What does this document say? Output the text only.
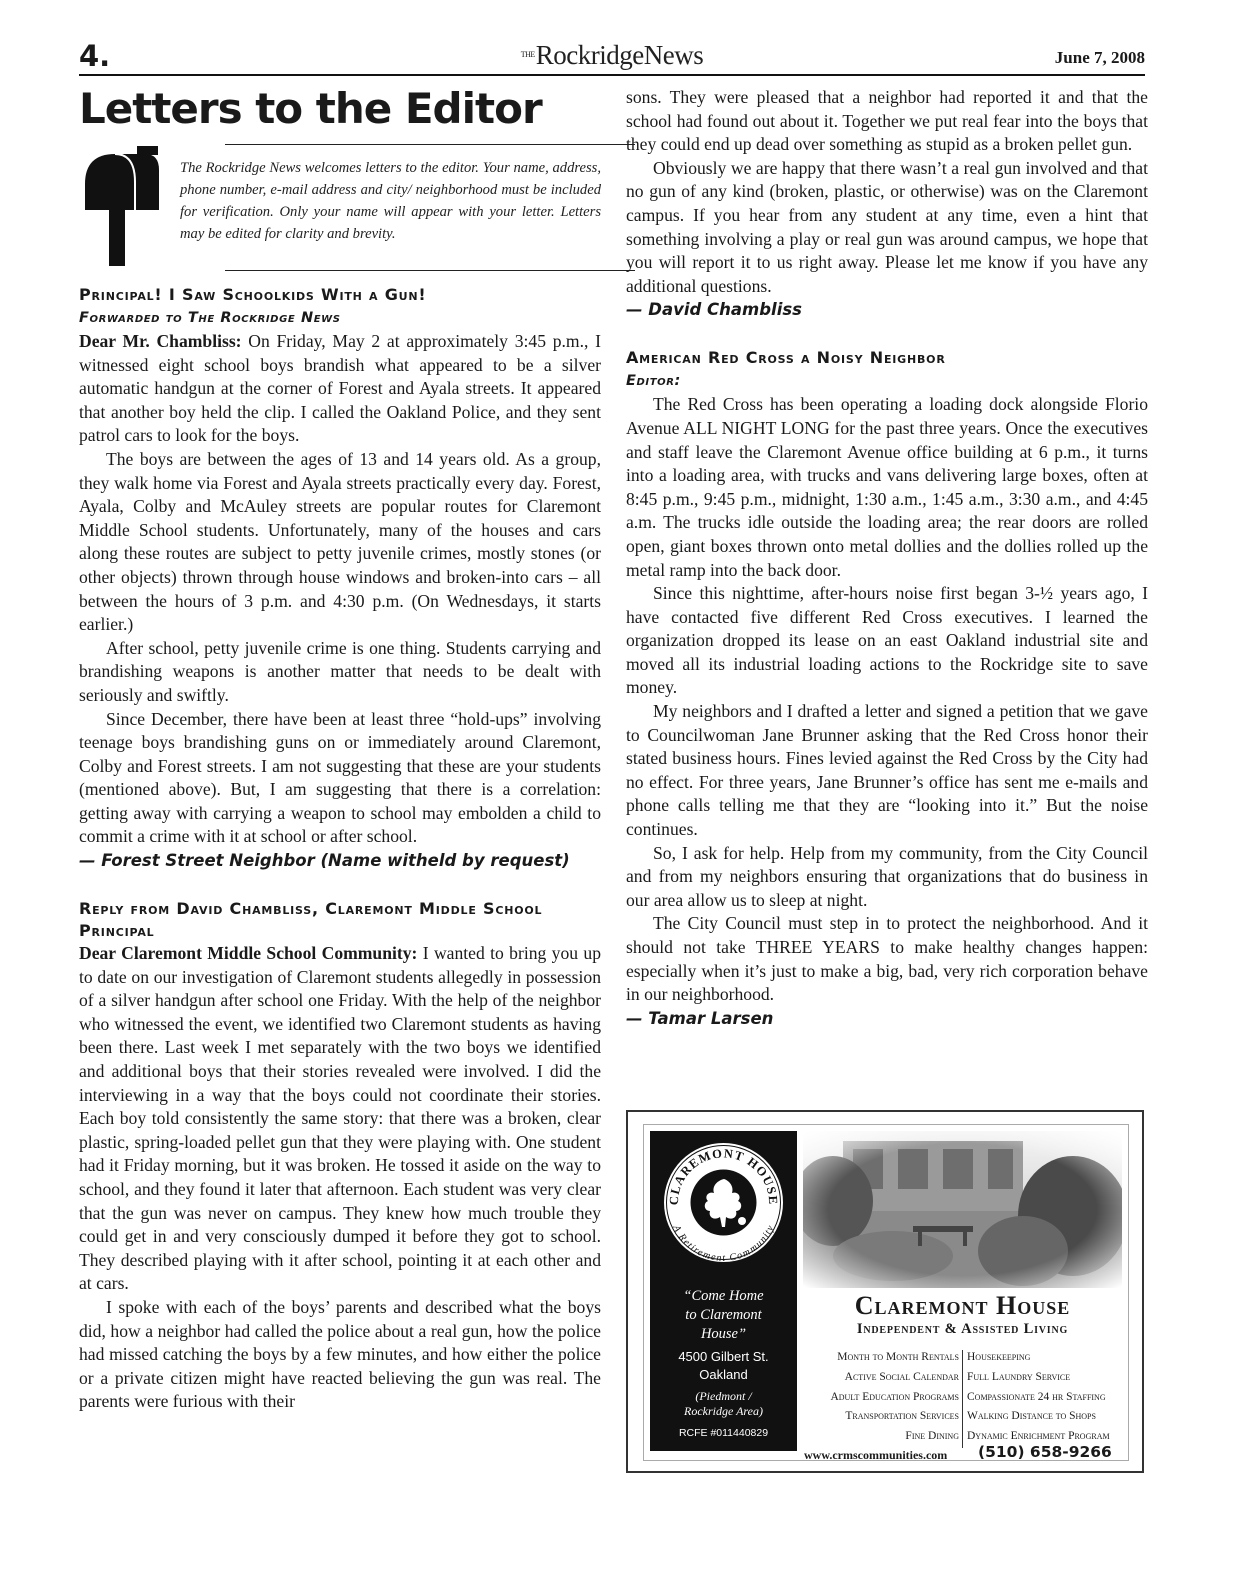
4.	$^{THE}$RockridgeNews	June 7, 2008
Letters to the Editor
The Rockridge News welcomes letters to the editor. Your name, address, phone number, e-mail address and city/ neighborhood must be included for verification. Only your name will appear with your letter. Letters may be edited for clarity and brevity.
Principal! I Saw Schoolkids With a Gun!
Forwarded to The Rockridge News

Dear Mr. Chambliss: On Friday, May 2 at approximately 3:45 p.m., I witnessed eight school boys brandish what appeared to be a silver automatic handgun at the corner of Forest and Ayala streets. It appeared that another boy held the clip. I called the Oakland Police, and they sent patrol cars to look for the boys.

The boys are between the ages of 13 and 14 years old. As a group, they walk home via Forest and Ayala streets practically every day. Forest, Ayala, Colby and McAuley streets are popular routes for Claremont Middle School students. Unfortunately, many of the houses and cars along these routes are subject to petty juvenile crimes, mostly stones (or other objects) thrown through house windows and broken-into cars – all between the hours of 3 p.m. and 4:30 p.m. (On Wednesdays, it starts earlier.)

After school, petty juvenile crime is one thing. Students carrying and brandishing weapons is another matter that needs to be dealt with seriously and swiftly.

Since December, there have been at least three “hold-ups” involving teenage boys brandishing guns on or immediately around Claremont, Colby and Forest streets. I am not suggesting that these are your students (mentioned above). But, I am suggesting that there is a correlation: getting away with carrying a weapon to school may embolden a child to commit a crime with it at school or after school.

— Forest Street Neighbor (Name witheld by request)
Reply from David Chambliss, Claremont Middle School Principal

Dear Claremont Middle School Community: I wanted to bring you up to date on our investigation of Claremont students allegedly in possession of a silver handgun after school one Friday. With the help of the neighbor who witnessed the event, we identified two Claremont students as having been there. Last week I met separately with the two boys we identified and additional boys that their stories revealed were involved. I did the interviewing in a way that the boys could not coordinate their stories. Each boy told consistently the same story: that there was a broken, clear plastic, spring-loaded pellet gun that they were playing with. One student had it Friday morning, but it was broken. He tossed it aside on the way to school, and they found it later that afternoon. Each student was very clear that the gun was never on campus. They knew how much trouble they could get in and very consciously dumped it before they got to school. They described playing with it after school, pointing it at each other and at cars.

I spoke with each of the boys’ parents and described what the boys did, how a neighbor had called the police about a real gun, how the police had missed catching the boys by a few minutes, and how either the police or a private citizen might have reacted believing the gun was real. The parents were furious with their

sons. They were pleased that a neighbor had reported it and that the school had found out about it. Together we put real fear into the boys that they could end up dead over something as stupid as a broken pellet gun.

Obviously we are happy that there wasn’t a real gun involved and that no gun of any kind (broken, plastic, or otherwise) was on the Claremont campus. If you hear from any student at any time, even a hint that something involving a play or real gun was around campus, we hope that you will report it to us right away. Please let me know if you have any additional questions.

— David Chambliss
American Red Cross a Noisy Neighbor
Editor:

The Red Cross has been operating a loading dock alongside Florio Avenue ALL NIGHT LONG for the past three years. Once the executives and staff leave the Claremont Avenue office building at 6 p.m., it turns into a loading area, with trucks and vans delivering large boxes, often at 8:45 p.m., 9:45 p.m., midnight, 1:30 a.m., 1:45 a.m., 3:30 a.m., and 4:45 a.m. The trucks idle outside the loading area; the rear doors are rolled open, giant boxes thrown onto metal dollies and the dollies rolled up the metal ramp into the back door.

Since this nighttime, after-hours noise first began 3-½ years ago, I have contacted five different Red Cross executives. I learned the organization dropped its lease on an east Oakland industrial site and moved all its industrial loading actions to the Rockridge site to save money.

My neighbors and I drafted a letter and signed a petition that we gave to Councilwoman Jane Brunner asking that the Red Cross honor their stated business hours. Fines levied against the Red Cross by the City had no effect. For three years, Jane Brunner’s office has sent me e-mails and phone calls telling me that they are “looking into it.” But the noise continues.

So, I ask for help. Help from my community, from the City Council and from my neighbors ensuring that organizations that do business in our area allow us to sleep at night.

The City Council must step in to protect the neighborhood. And it should not take THREE YEARS to make healthy changes happen: especially when it’s just to make a big, bad, very rich corporation behave in our neighborhood.

— Tamar Larsen
CLAREMONT HOUSE
A Retirement Community
“Come Home
to Claremont
House”
4500 Gilbert St.
Oakland
(Piedmont /
Rockridge Area)
RCFE #011440829
Claremont House
Independent & Assisted Living
Month to Month Rentals
Active Social Calendar
Adult Education Programs
Transportation Services
Fine Dining
Housekeeping
Full Laundry Service
Compassionate 24 hr Staffing
Walking Distance to Shops
Dynamic Enrichment Program
www.crmscommunities.com (510) 658-9266
